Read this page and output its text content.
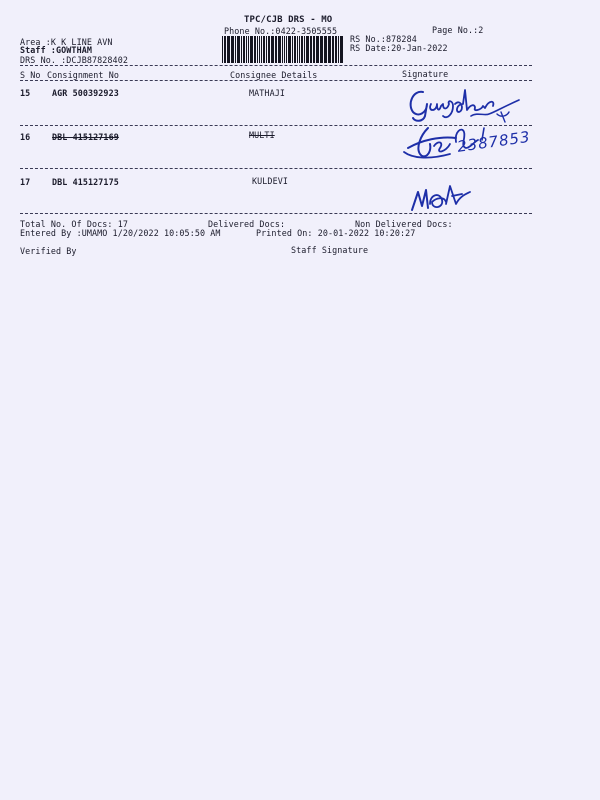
TPC/CJB DRS - MO
Phone No.:0422-3505555	Page No.:2
Area :K K LINE AVN
Staff :GOWTHAM
DRS No. :DCJB87828402
RS No.:878284
RS Date:20-Jan-2022
S No Consignment No	Consignee Details	Signature
15	AGR 500392923	MATHAJI
16	DBL 415127169	MULTI
17	DBL 415127175	KULDEVI
2387853
Total No. Of Docs: 17	Delivered Docs:	Non Delivered Docs:
Entered By :UMAMO 1/20/2022 10:05:50 AM	Printed On: 20-01-2022 10:20:27
Verified By	Staff Signature
